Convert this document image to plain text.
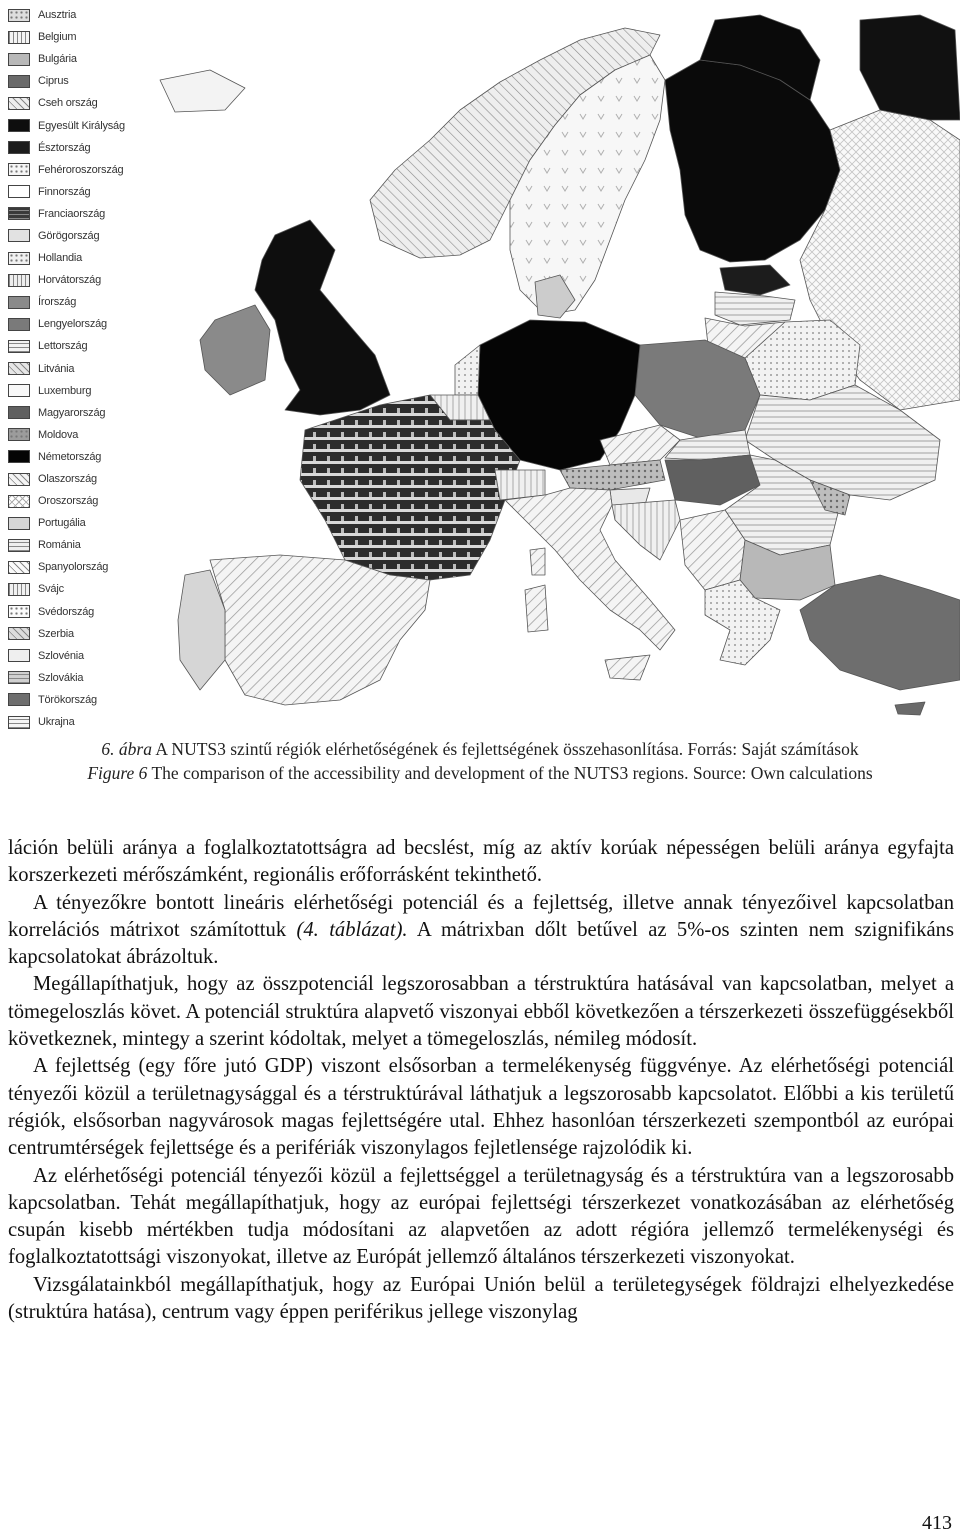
Ausztria
Belgium
Bulgária
Ciprus
Cseh ország
Egyesült Királyság
Észtország
Fehéroroszország
Finnország
Franciaország
Görögország
Hollandia
Horvátország
Írország
Lengyelország
Lettország
Litvánia
Luxemburg
Magyarország
Moldova
Németország
Olaszország
Oroszország
Portugália
Románia
Spanyolország
Svájc
Svédország
Szerbia
Szlovénia
Szlovákia
Törökország
Ukrajna
6. ábra A NUTS3 szintű régiók elérhetőségének és fejlettségének összehasonlítása. Forrás: Saját számítások
Figure 6 The comparison of the accessibility and development of the NUTS3 regions. Source: Own calculations

láción belüli aránya a foglalkoztatottságra ad becslést, míg az aktív korúak népességen belüli aránya egyfajta korszerkezeti mérőszámként, regionális erőforrásként tekinthető.

A tényezőkre bontott lineáris elérhetőségi potenciál és a fejlettség, illetve annak tényezőivel kapcsolatban korrelációs mátrixot számítottuk (4. táblázat). A mátrixban dőlt betűvel az 5%-os szinten nem szignifikáns kapcsolatokat ábrázoltuk.

Megállapíthatjuk, hogy az összpotenciál legszorosabban a térstruktúra hatásával van kapcsolatban, melyet a tömegeloszlás követ. A potenciál struktúra alapvető viszonyai ebből következően a térszerkezeti összefüggésekből következnek, mintegy a szerint kódoltak, melyet a tömegeloszlás, némileg módosít.

A fejlettség (egy főre jutó GDP) viszont elsősorban a termelékenység függvénye. Az elérhetőségi potenciál tényezői közül a területnagysággal és a térstruktúrával láthatjuk a legszorosabb kapcsolatot. Előbbi a kis területű régiók, elsősorban nagyvárosok magas fejlettségére utal. Ehhez hasonlóan térszerkezeti szempontból az európai centrumtérségek fejlettsége és a perifériák viszonylagos fejletlensége rajzolódik ki.

Az elérhetőségi potenciál tényezői közül a fejlettséggel a területnagyság és a térstruktúra van a legszorosabb kapcsolatban. Tehát megállapíthatjuk, hogy az európai fejlettségi térszerkezet vonatkozásában az elérhetőség csupán kisebb mértékben tudja módosítani az alapvetően az adott régióra jellemző termelékenységi és foglalkoztatottsági viszonyokat, illetve az Európát jellemző általános térszerkezeti viszonyokat.

Vizsgálatainkból megállapíthatjuk, hogy az Európai Unión belül a területegységek földrajzi elhelyezkedése (struktúra hatása), centrum vagy éppen periférikus jellege viszonylag

413
